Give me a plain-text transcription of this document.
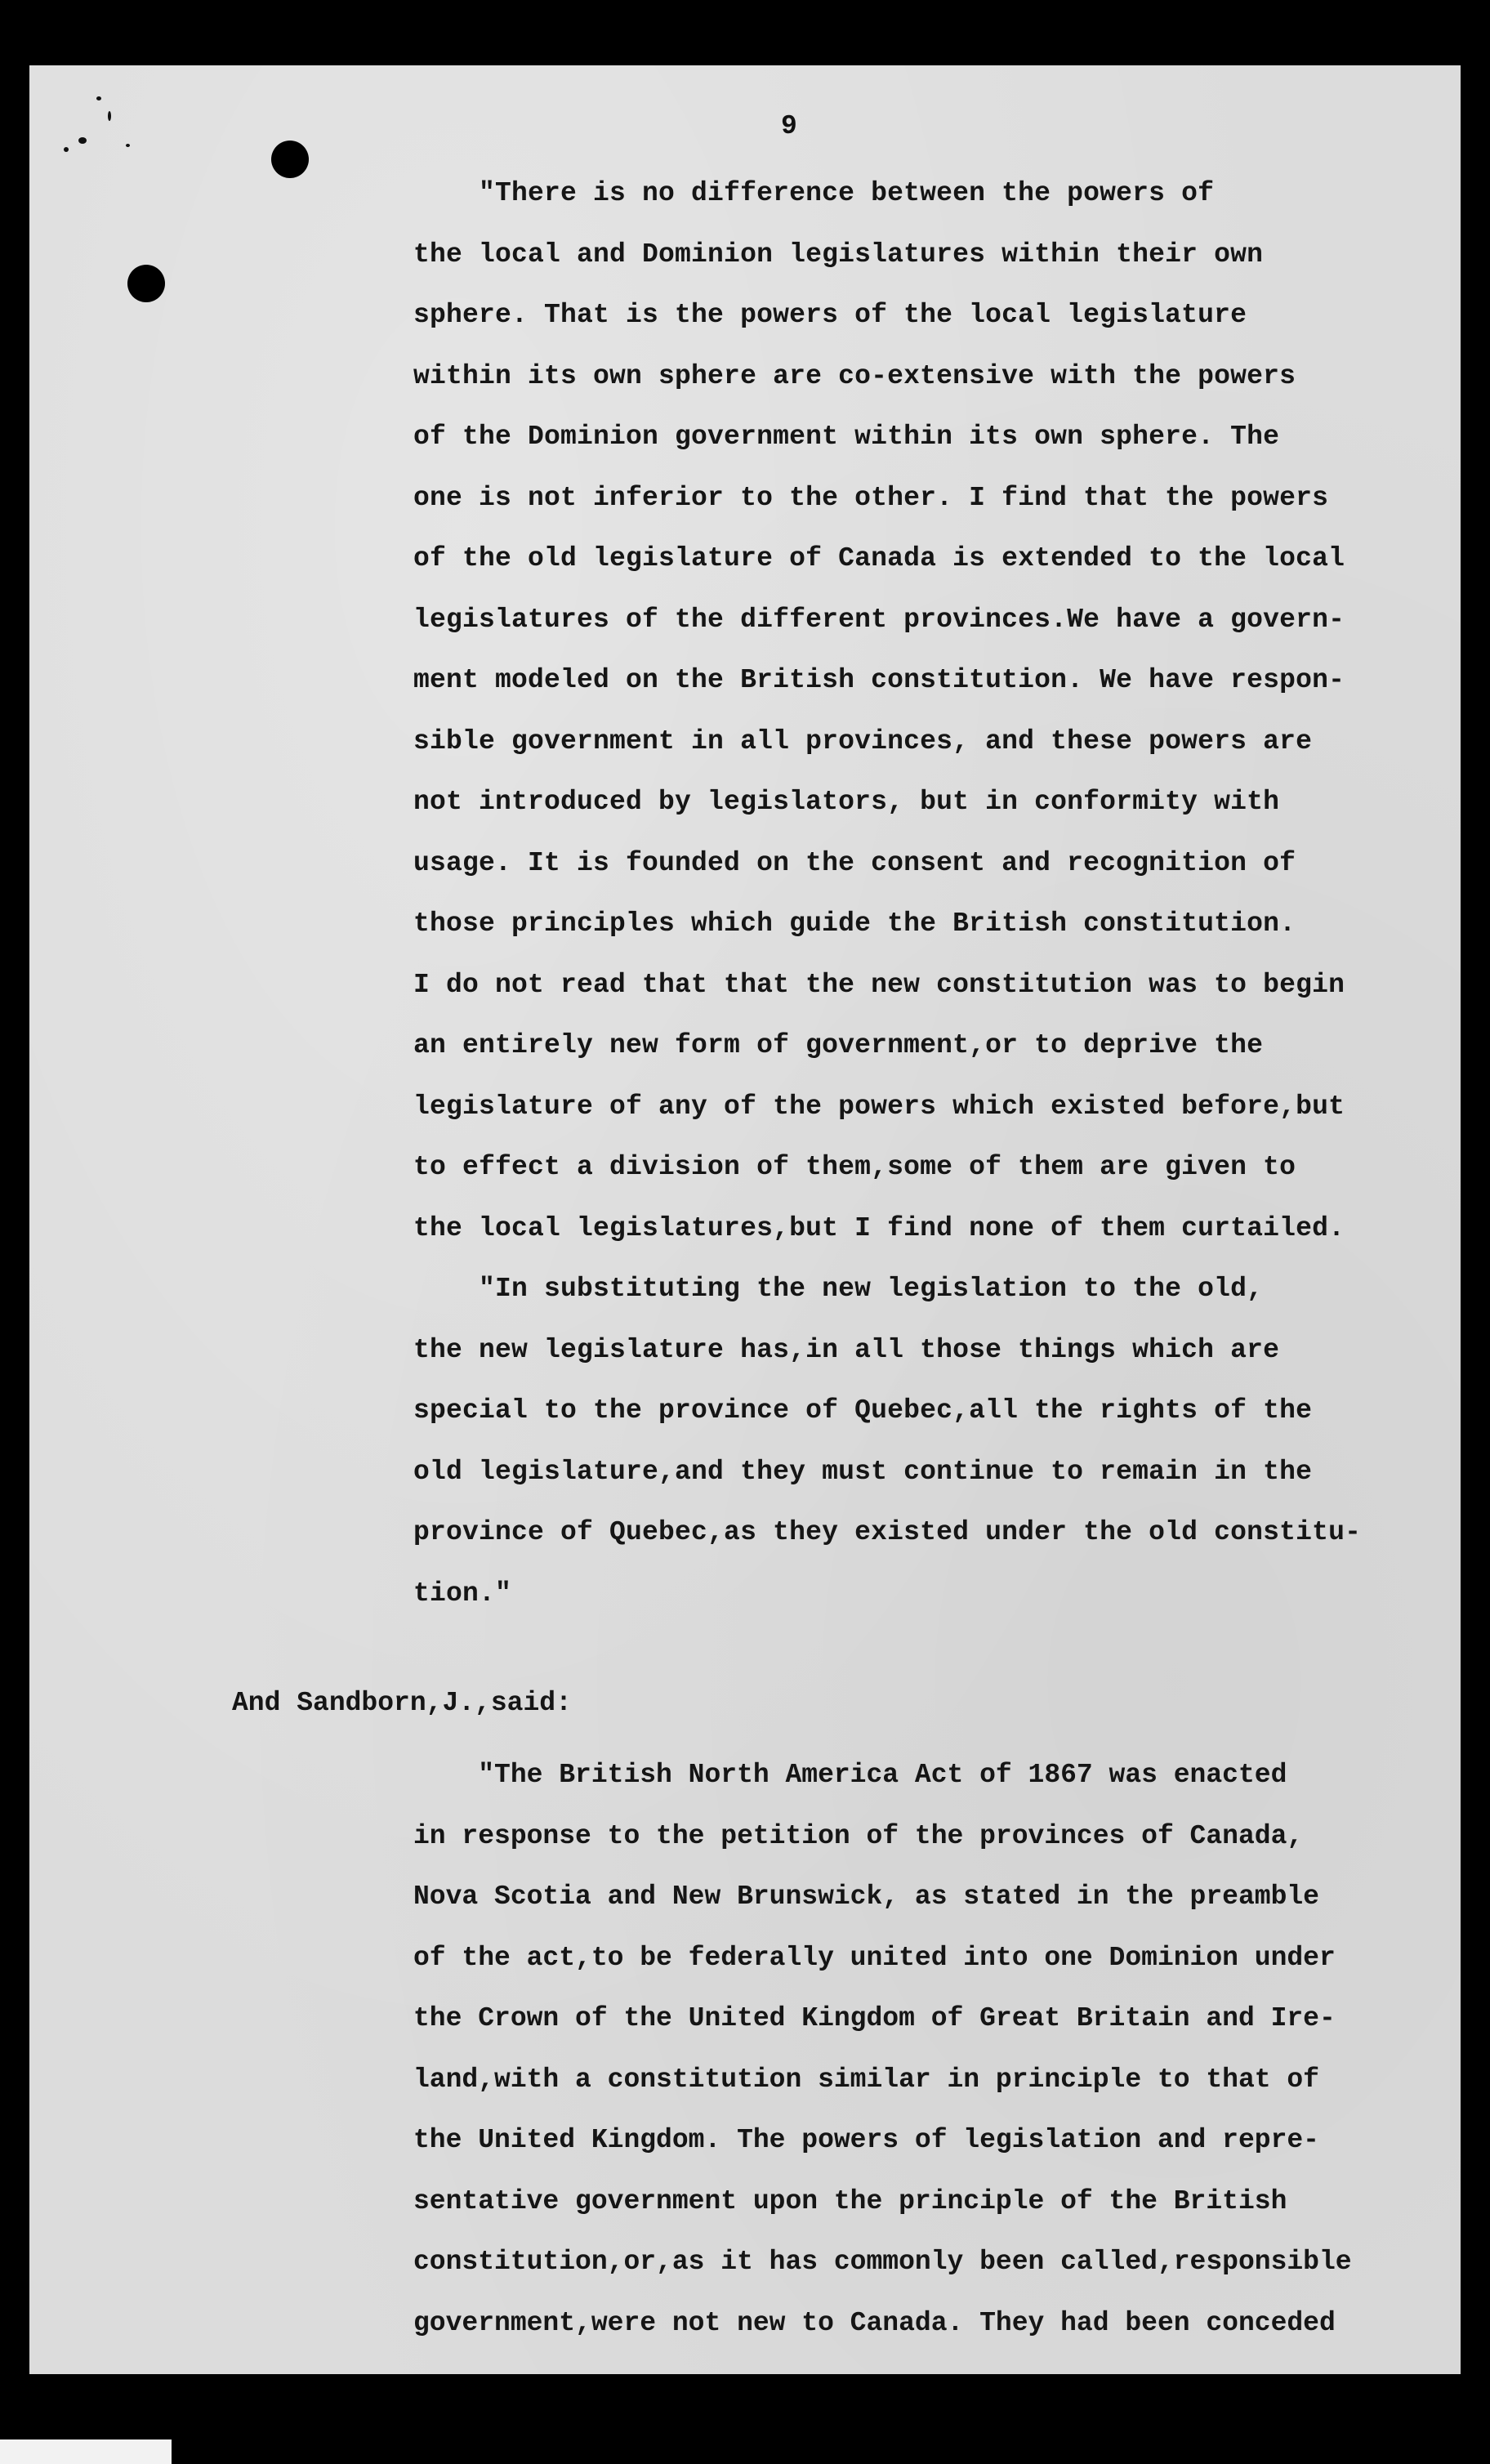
9
"There is no difference between the powers of
the local and Dominion legislatures within their own
sphere. That is the powers of the local legislature
within its own sphere are co-extensive with the powers
of the Dominion government within its own sphere. The
one is not inferior to the other. I find that the powers
of the old legislature of Canada is extended to the local
legislatures of the different provinces.We have a govern-
ment modeled on the British constitution. We have respon-
sible government in all provinces, and these powers are
not introduced by legislators, but in conformity with
usage. It is founded on the consent and recognition of
those principles which guide the British constitution.
I do not read that that the new constitution was to begin
an entirely new form of government,or to deprive the
legislature of any of the powers which existed before,but
to effect a division of them,some of them are given to
the local legislatures,but I find none of them curtailed.
"In substituting the new legislation to the old,
the new legislature has,in all those things which are
special to the province of Quebec,all the rights of the
old legislature,and they must continue to remain in the
province of Quebec,as they existed under the old constitu-
tion."
And Sandborn,J.,said:
"The British North America Act of 1867 was enacted
in response to the petition of the provinces of Canada,
Nova Scotia and New Brunswick, as stated in the preamble
of the act,to be federally united into one Dominion under
the Crown of the United Kingdom of Great Britain and Ire-
land,with a constitution similar in principle to that of
the United Kingdom. The powers of legislation and repre-
sentative government upon the principle of the British
constitution,or,as it has commonly been called,responsible
government,were not new to Canada. They had been conceded
